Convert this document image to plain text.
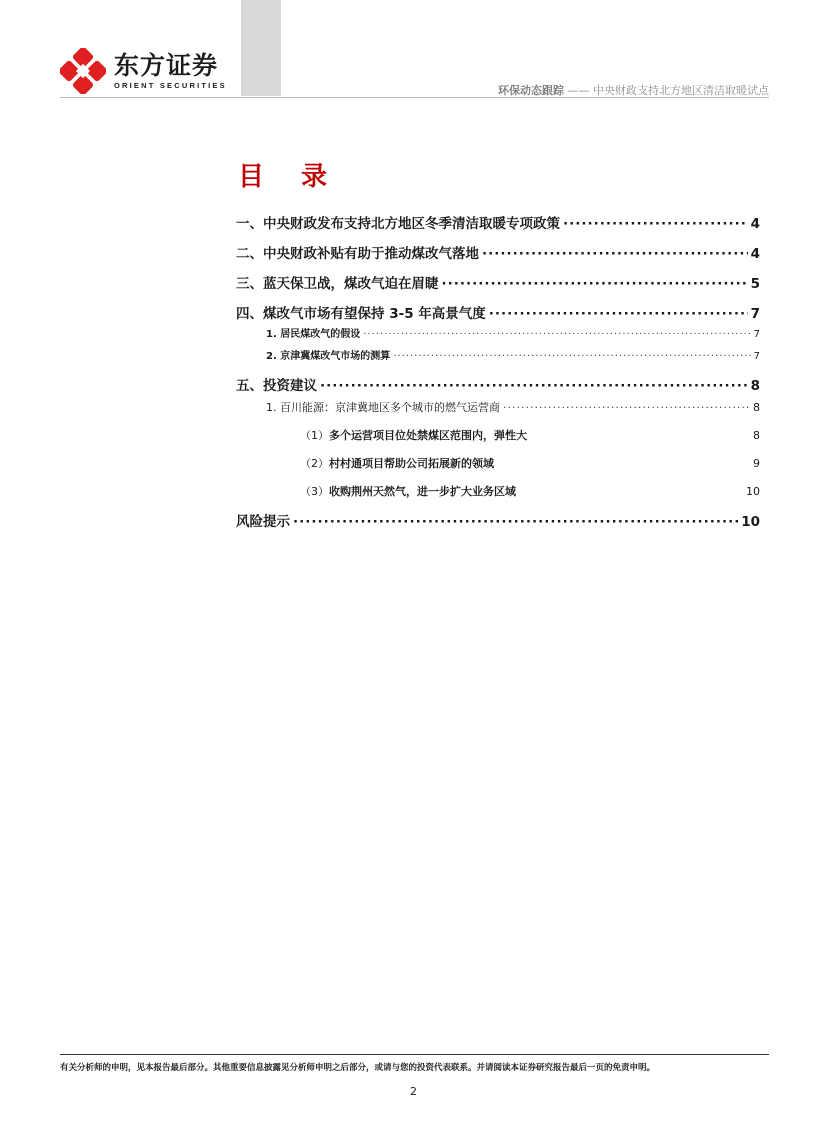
东方证券
ORIENT SECURITIES	环保动态跟踪 —— 中央财政支持北方地区清洁取暖试点
目 录
一、中央财政发布支持北方地区冬季清洁取暖专项政策 ·····	4
二、中央财政补贴有助于推动煤改气落地 ·····	4
三、蓝天保卫战，煤改气迫在眉睫 ·····	5
四、煤改气市场有望保持 3-5 年高景气度 ·····	7
1. 居民煤改气的假设 ·····	7
2. 京津冀煤改气市场的测算 ·····	7
五、投资建议 ·····	8
1. 百川能源：京津冀地区多个城市的燃气运营商 ·····	8
（1） 多个运营项目位处禁煤区范围内，弹性大	8
（2） 村村通项目帮助公司拓展新的领域	9
（3） 收购荆州天然气，进一步扩大业务区域	10
风险提示 ·····	10
有关分析师的申明，见本报告最后部分。其他重要信息披露见分析师申明之后部分，或请与您的投资代表联系。并请阅读本证券研究报告最后一页的免责申明。
2
